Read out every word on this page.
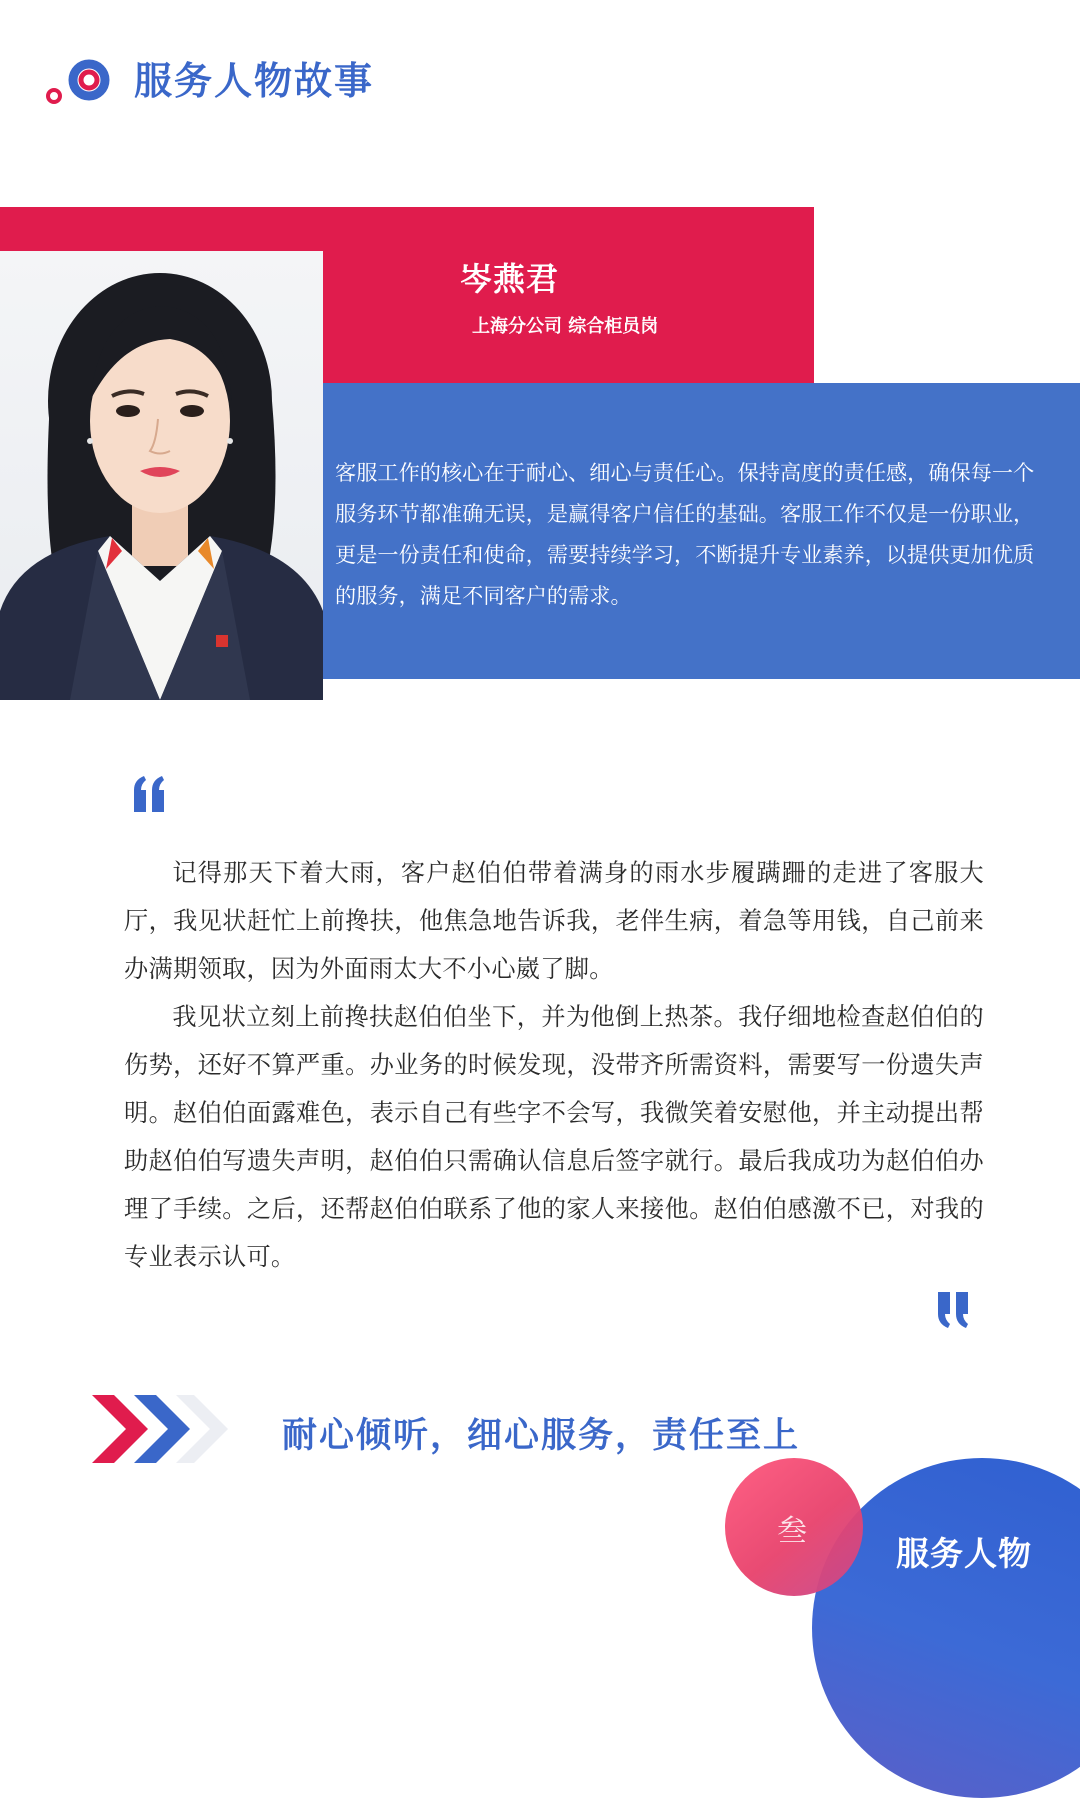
服务人物故事
岑燕君
上海分公司 综合柜员岗

客服工作的核心在于耐心、细心与责任心。保持高度的责任感，确保每一个服务环节都准确无误，是赢得客户信任的基础。客服工作不仅是一份职业，更是一份责任和使命，需要持续学习，不断提升专业素养，以提供更加优质的服务，满足不同客户的需求。

记得那天下着大雨，客户赵伯伯带着满身的雨水步履蹒跚的走进了客服大厅，我见状赶忙上前搀扶，他焦急地告诉我，老伴生病，着急等用钱，自己前来办满期领取，因为外面雨太大不小心崴了脚。

我见状立刻上前搀扶赵伯伯坐下，并为他倒上热茶。我仔细地检查赵伯伯的伤势，还好不算严重。办业务的时候发现，没带齐所需资料，需要写一份遗失声明。赵伯伯面露难色，表示自己有些字不会写，我微笑着安慰他，并主动提出帮助赵伯伯写遗失声明，赵伯伯只需确认信息后签字就行。最后我成功为赵伯伯办理了手续。之后，还帮赵伯伯联系了他的家人来接他。赵伯伯感激不已，对我的专业表示认可。

耐心倾听，细心服务，责任至上
叁
服务人物
